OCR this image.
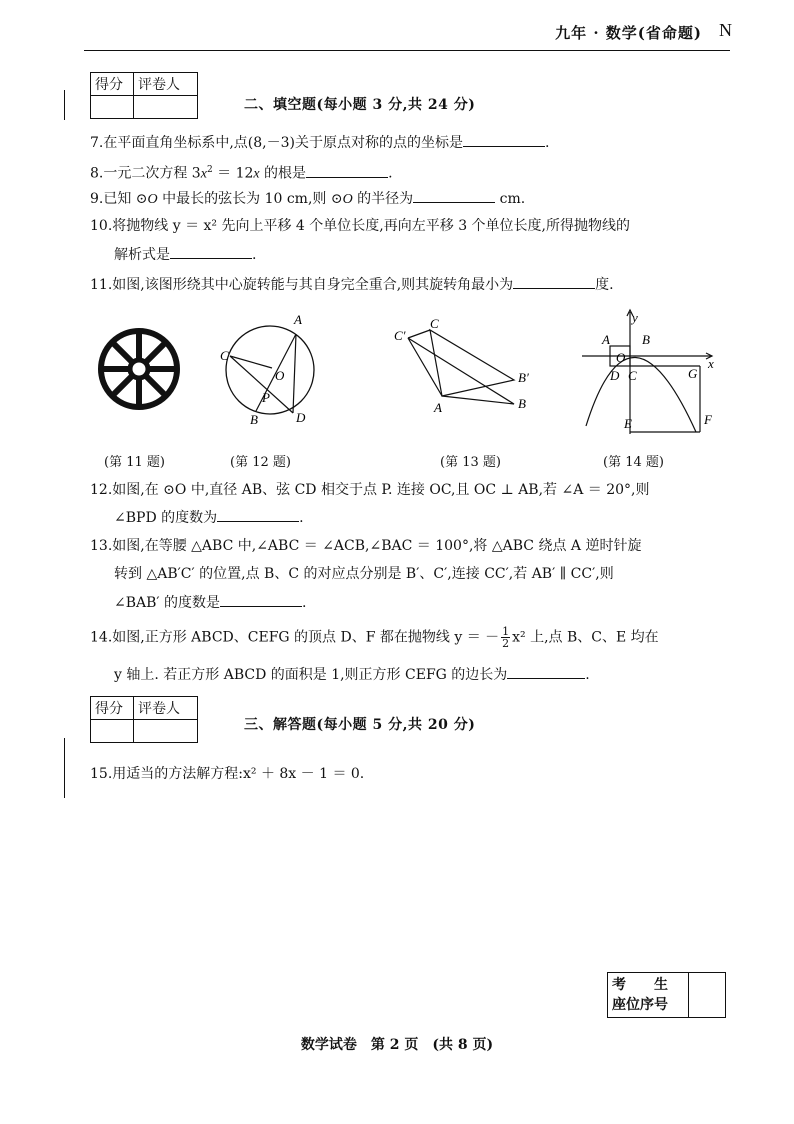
九年 · 数学(省命题) N
得分	评卷人

二、填空题(每小题 3 分,共 24 分)
7.在平面直角坐标系中,点(8,－3)关于原点对称的点的坐标是	.
8.一元二次方程 $3x^2 = 12x$ 的根是	.
9.已知 ⊙O 中最长的弦长为 10 cm,则 ⊙O 的半径为	cm.
10.将抛物线 y ＝ x² 先向上平移 4 个单位长度,再向左平移 3 个单位长度,所得抛物线的
解析式是	.
11.如图,该图形绕其中心旋转能与其自身完全重合,则其旋转角最小为	度.
A
C
O
P
B	D
C′
C
B′
A	B
y
A B
O	x
D C	G
E	F
(第 11 题)	(第 12 题)	(第 13 题)	(第 14 题)
12.如图,在 ⊙O 中,直径 AB、弦 CD 相交于点 P. 连接 OC,且 OC ⊥ AB,若 ∠A ＝ 20°,则
∠BPD 的度数为	.
13.如图,在等腰 △ABC 中,∠ABC ＝ ∠ACB,∠BAC ＝ 100°,将 △ABC 绕点 A 逆时针旋
转到 △AB′C′ 的位置,点 B、C 的对应点分别是 B′、C′,连接 CC′,若 AB′ ∥ CC′,则
∠BAB′ 的度数是	.
14.如图,正方形 ABCD、CEFG 的顶点 D、F 都在抛物线 y ＝ － $\frac{1}{2} x^2$ 上,点 B、C、E 均在
y 轴上. 若正方形 ABCD 的面积是 1,则正方形 CEFG 的边长为	.
得分	评卷人

三、解答题(每小题 5 分,共 20 分)
15.用适当的方法解方程:x² ＋ 8x － 1 ＝ 0.
考　　生
座位序号

数学试卷　第 2 页　(共 8 页)
